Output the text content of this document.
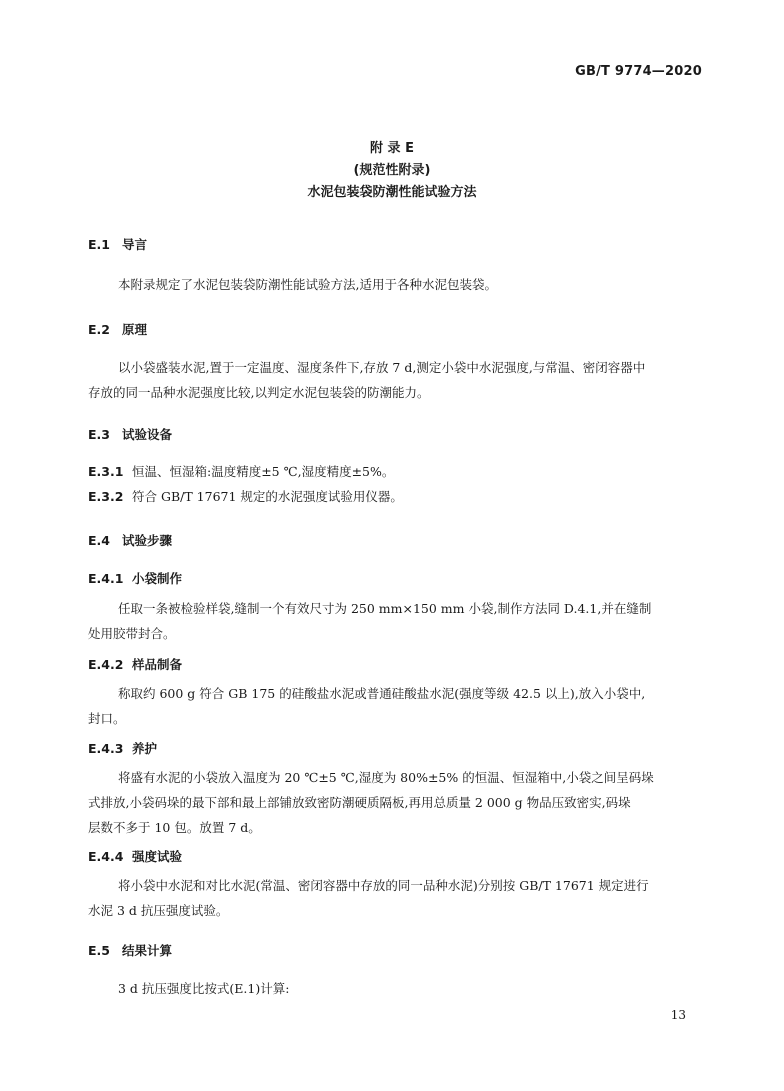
GB/T 9774—2020
附 录 E
(规范性附录)
水泥包装袋防潮性能试验方法
E.1 导言
本附录规定了水泥包装袋防潮性能试验方法,适用于各种水泥包装袋。
E.2 原理
以小袋盛装水泥,置于一定温度、湿度条件下,存放 7 d,测定小袋中水泥强度,与常温、密闭容器中
存放的同一品种水泥强度比较,以判定水泥包装袋的防潮能力。
E.3 试验设备
E.3.1 恒温、恒湿箱:温度精度±5 ℃,湿度精度±5%。
E.3.2 符合 GB/T 17671 规定的水泥强度试验用仪器。
E.4 试验步骤
E.4.1 小袋制作
任取一条被检验样袋,缝制一个有效尺寸为 250 mm×150 mm 小袋,制作方法同 D.4.1,并在缝制
处用胶带封合。
E.4.2 样品制备
称取约 600 g 符合 GB 175 的硅酸盐水泥或普通硅酸盐水泥(强度等级 42.5 以上),放入小袋中,
封口。
E.4.3 养护
将盛有水泥的小袋放入温度为 20 ℃±5 ℃,湿度为 80%±5% 的恒温、恒湿箱中,小袋之间呈码垛
式排放,小袋码垛的最下部和最上部铺放致密防潮硬质隔板,再用总质量 2 000 g 物品压致密实,码垛
层数不多于 10 包。放置 7 d。
E.4.4 强度试验
将小袋中水泥和对比水泥(常温、密闭容器中存放的同一品种水泥)分别按 GB/T 17671 规定进行
水泥 3 d 抗压强度试验。
E.5 结果计算
3 d 抗压强度比按式(E.1)计算:
13
